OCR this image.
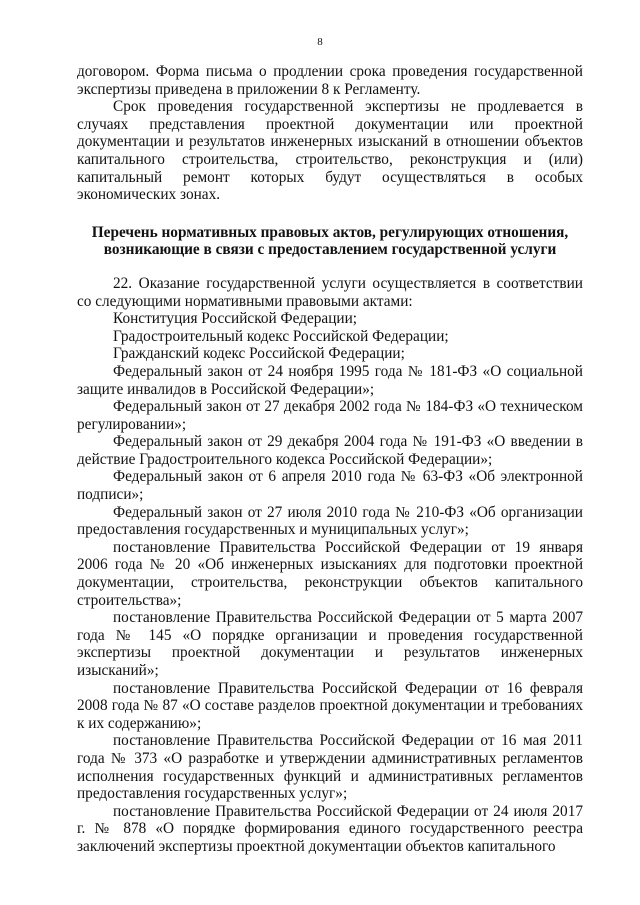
8

договором. Форма письма о продлении срока проведения государственной экспертизы приведена в приложении 8 к Регламенту.

Срок проведения государственной экспертизы не продлевается в случаях представления проектной документации или проектной документации и результатов инженерных изысканий в отношении объектов капитального строительства, строительство, реконструкция и (или) капитальный ремонт которых будут осуществляться в особых экономических зонах.

Перечень нормативных правовых актов, регулирующих отношения, возникающие в связи с предоставлением государственной услуги

22. Оказание государственной услуги осуществляется в соответствии со следующими нормативными правовыми актами:

Конституция Российской Федерации;

Градостроительный кодекс Российской Федерации;

Гражданский кодекс Российской Федерации;

Федеральный закон от 24 ноября 1995 года № 181-ФЗ «О социальной защите инвалидов в Российской Федерации»;

Федеральный закон от 27 декабря 2002 года № 184-ФЗ «О техническом регулировании»;

Федеральный закон от 29 декабря 2004 года № 191-ФЗ «О введении в действие Градостроительного кодекса Российской Федерации»;

Федеральный закон от 6 апреля 2010 года № 63-ФЗ «Об электронной подписи»;

Федеральный закон от 27 июля 2010 года № 210-ФЗ «Об организации предоставления государственных и муниципальных услуг»;

постановление Правительства Российской Федерации от 19 января 2006 года № 20 «Об инженерных изысканиях для подготовки проектной документации, строительства, реконструкции объектов капитального строительства»;

постановление Правительства Российской Федерации от 5 марта 2007 года № 145 «О порядке организации и проведения государственной экспертизы проектной документации и результатов инженерных изысканий»;

постановление Правительства Российской Федерации от 16 февраля 2008 года № 87 «О составе разделов проектной документации и требованиях к их содержанию»;

постановление Правительства Российской Федерации от 16 мая 2011 года № 373 «О разработке и утверждении административных регламентов исполнения государственных функций и административных регламентов предоставления государственных услуг»;

постановление Правительства Российской Федерации от 24 июля 2017 г. № 878 «О порядке формирования единого государственного реестра заключений экспертизы проектной документации объектов капитального
